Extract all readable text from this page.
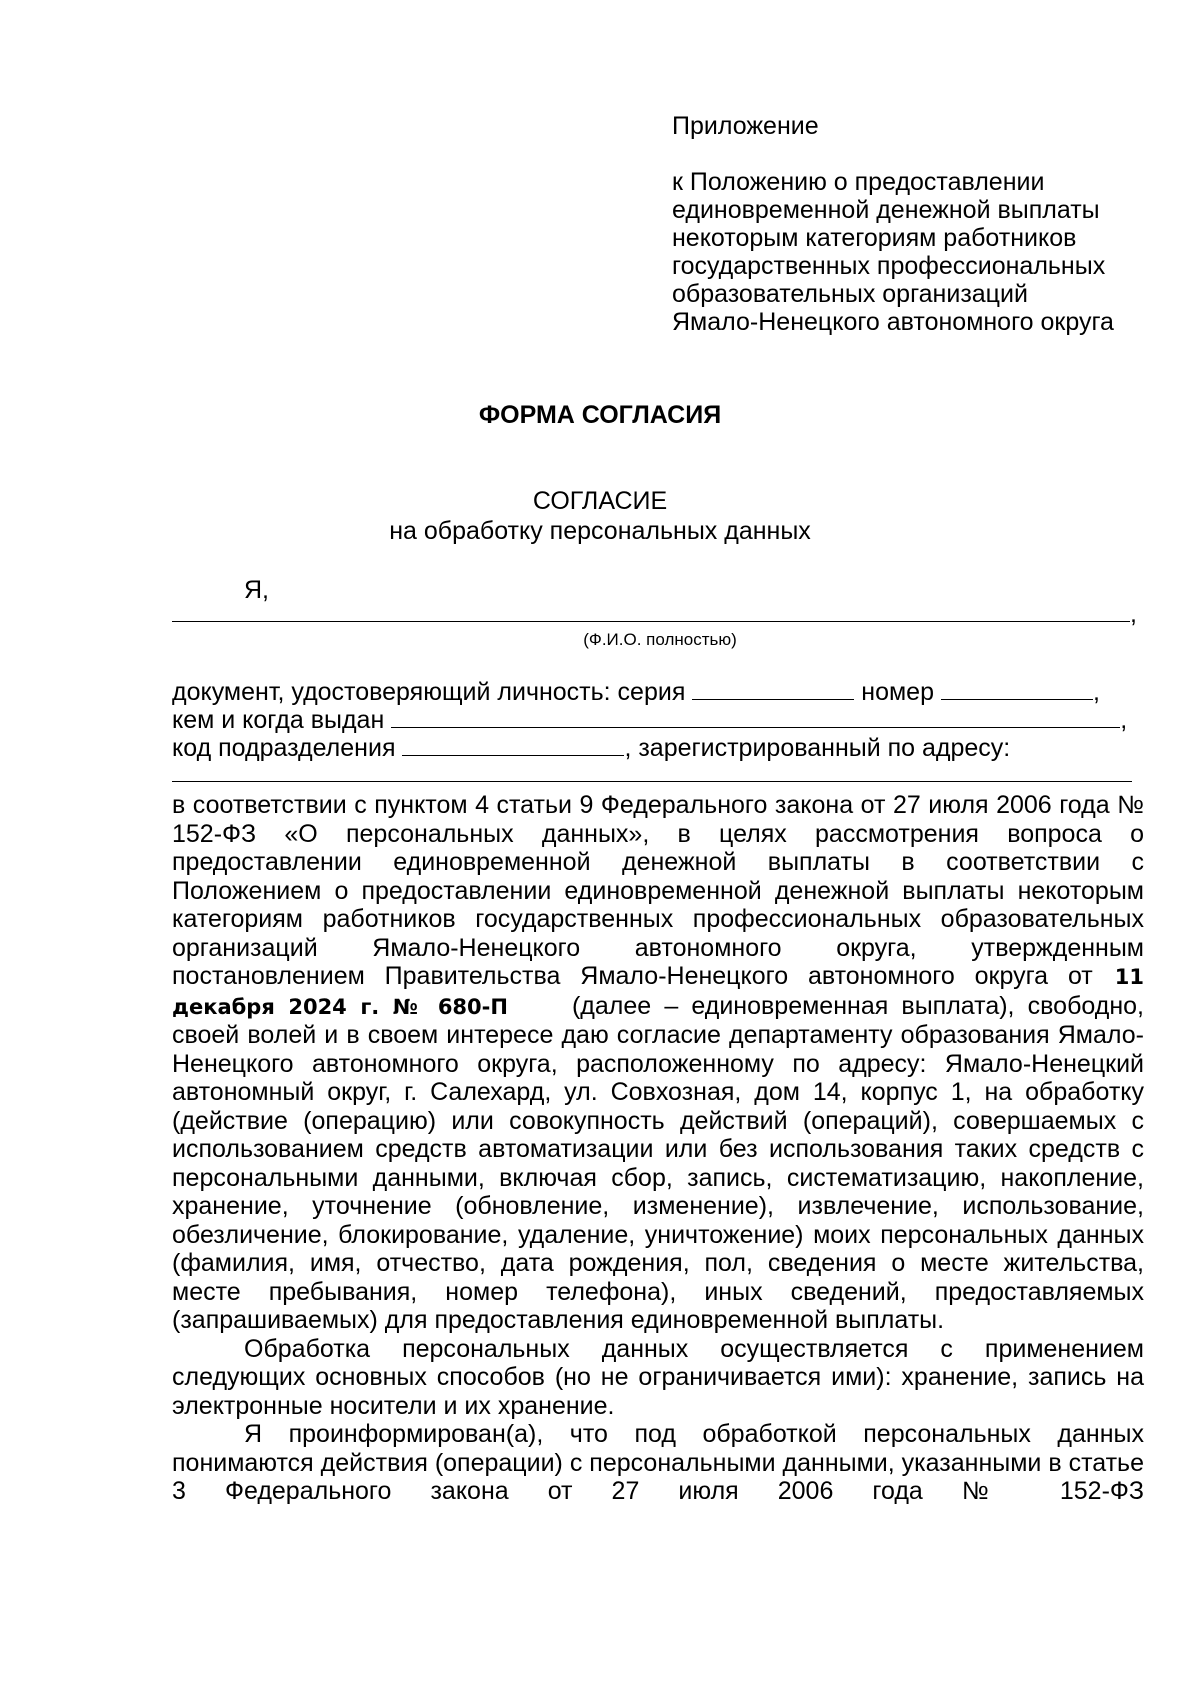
Приложение
к Положению о предоставлении
единовременной денежной выплаты
некоторым категориям работников
государственных профессиональных
образовательных организаций
Ямало-Ненецкого автономного округа
ФОРМА СОГЛАСИЯ
СОГЛАСИЕ
на обработку персональных данных
Я,
,
(Ф.И.О. полностью)
документ, удостоверяющий личность: серия	номер	,
кем и когда выдан	,
код подразделения	, зарегистрированный по адресу:

в соответствии с пунктом 4 статьи 9 Федерального закона от 27 июля 2006 года № 152-ФЗ «О персональных данных», в целях рассмотрения вопроса о предоставлении единовременной денежной выплаты в соответствии с Положением о предоставлении единовременной денежной выплаты некоторым категориям работников государственных профессиональных образовательных организаций Ямало-Ненецкого автономного округа, утвержденным постановлением Правительства Ямало-Ненецкого автономного округа от 11 декабря 2024 г. № 680-П	(далее – единовременная выплата), свободно, своей волей и в своем интересе даю согласие департаменту образования Ямало-Ненецкого автономного округа, расположенному по адресу: Ямало-Ненецкий автономный округ, г. Салехард, ул. Совхозная, дом 14, корпус 1, на обработку (действие (операцию) или совокупность действий (операций), совершаемых с использованием средств автоматизации или без использования таких средств с персональными данными, включая сбор, запись, систематизацию, накопление, хранение, уточнение (обновление, изменение), извлечение, использование, обезличение, блокирование, удаление, уничтожение) моих персональных данных (фамилия, имя, отчество, дата рождения, пол, сведения о месте жительства, месте пребывания, номер телефона), иных сведений, предоставляемых (запрашиваемых) для предоставления единовременной выплаты.

Обработка персональных данных осуществляется с применением следующих основных способов (но не ограничивается ими): хранение, запись на электронные носители и их хранение.

Я проинформирован(а), что под обработкой персональных данных понимаются действия (операции) с персональными данными, указанными в статье 3 Федерального закона от 27 июля 2006 года № 152-ФЗ
